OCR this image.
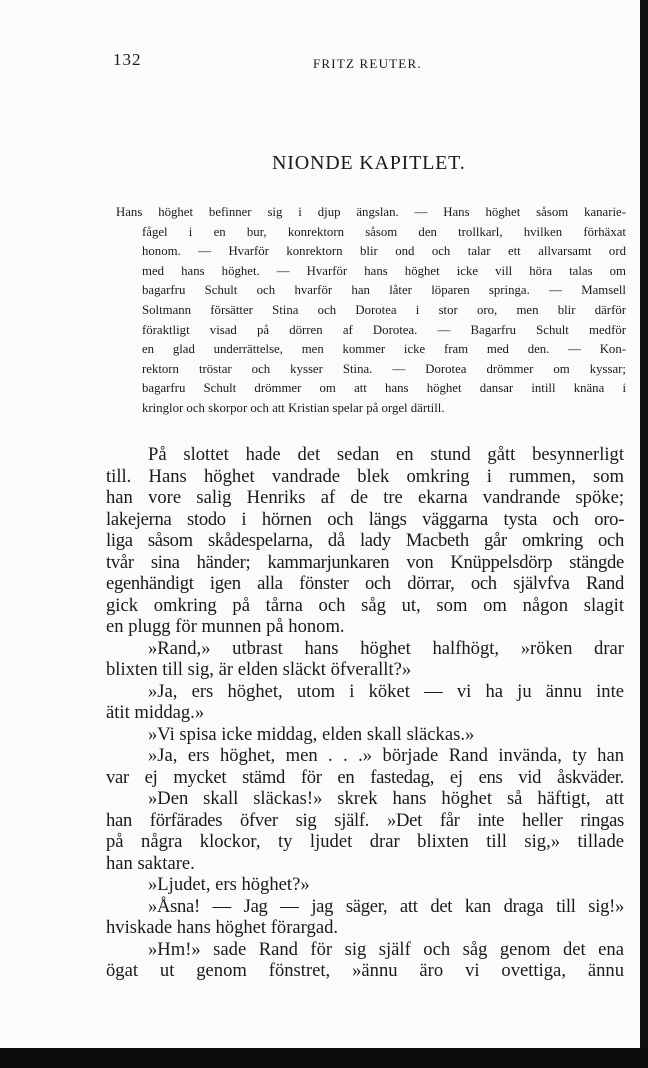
132	FRITZ REUTER.
NIONDE KAPITLET.
Hans höghet befinner sig i djup ängslan. — Hans höghet såsom kanarie-
fågel i en bur, konrektorn såsom den trollkarl, hvilken förhäxat
honom. — Hvarför konrektorn blir ond och talar ett allvarsamt ord
med hans höghet. — Hvarför hans höghet icke vill höra talas om
bagarfru Schult och hvarför han låter löparen springa. — Mamsell
Soltmann försätter Stina och Dorotea i stor oro, men blir därför
föraktligt visad på dörren af Dorotea. — Bagarfru Schult medför
en glad underrättelse, men kommer icke fram med den. — Kon-
rektorn tröstar och kysser Stina. — Dorotea drömmer om kyssar;
bagarfru Schult drömmer om att hans höghet dansar intill knäna i
kringlor och skorpor och att Kristian spelar på orgel därtill.
På slottet hade det sedan en stund gått besynnerligt
till. Hans höghet vandrade blek omkring i rummen, som
han vore salig Henriks af de tre ekarna vandrande spöke;
lakejerna stodo i hörnen och längs väggarna tysta och oro-
liga såsom skådespelarna, då lady Macbeth går omkring och
tvår sina händer; kammarjunkaren von Knüppelsdörp stängde
egenhändigt igen alla fönster och dörrar, och självfva Rand
gick omkring på tårna och såg ut, som om någon slagit
en plugg för munnen på honom.
»Rand,» utbrast hans höghet halfhögt, »röken drar
blixten till sig, är elden släckt öfverallt?»
»Ja, ers höghet, utom i köket — vi ha ju ännu inte
ätit middag.»
»Vi spisa icke middag, elden skall släckas.»
»Ja, ers höghet, men . . .» började Rand invända, ty han
var ej mycket stämd för en fastedag, ej ens vid åskväder.
»Den skall släckas!» skrek hans höghet så häftigt, att
han förfärades öfver sig själf. »Det får inte heller ringas
på några klockor, ty ljudet drar blixten till sig,» tillade
han saktare.
»Ljudet, ers höghet?»
»Åsna! — Jag — jag säger, att det kan draga till sig!»
hviskade hans höghet förargad.
»Hm!» sade Rand för sig själf och såg genom det ena
ögat ut genom fönstret, »ännu äro vi ovettiga, ännu
